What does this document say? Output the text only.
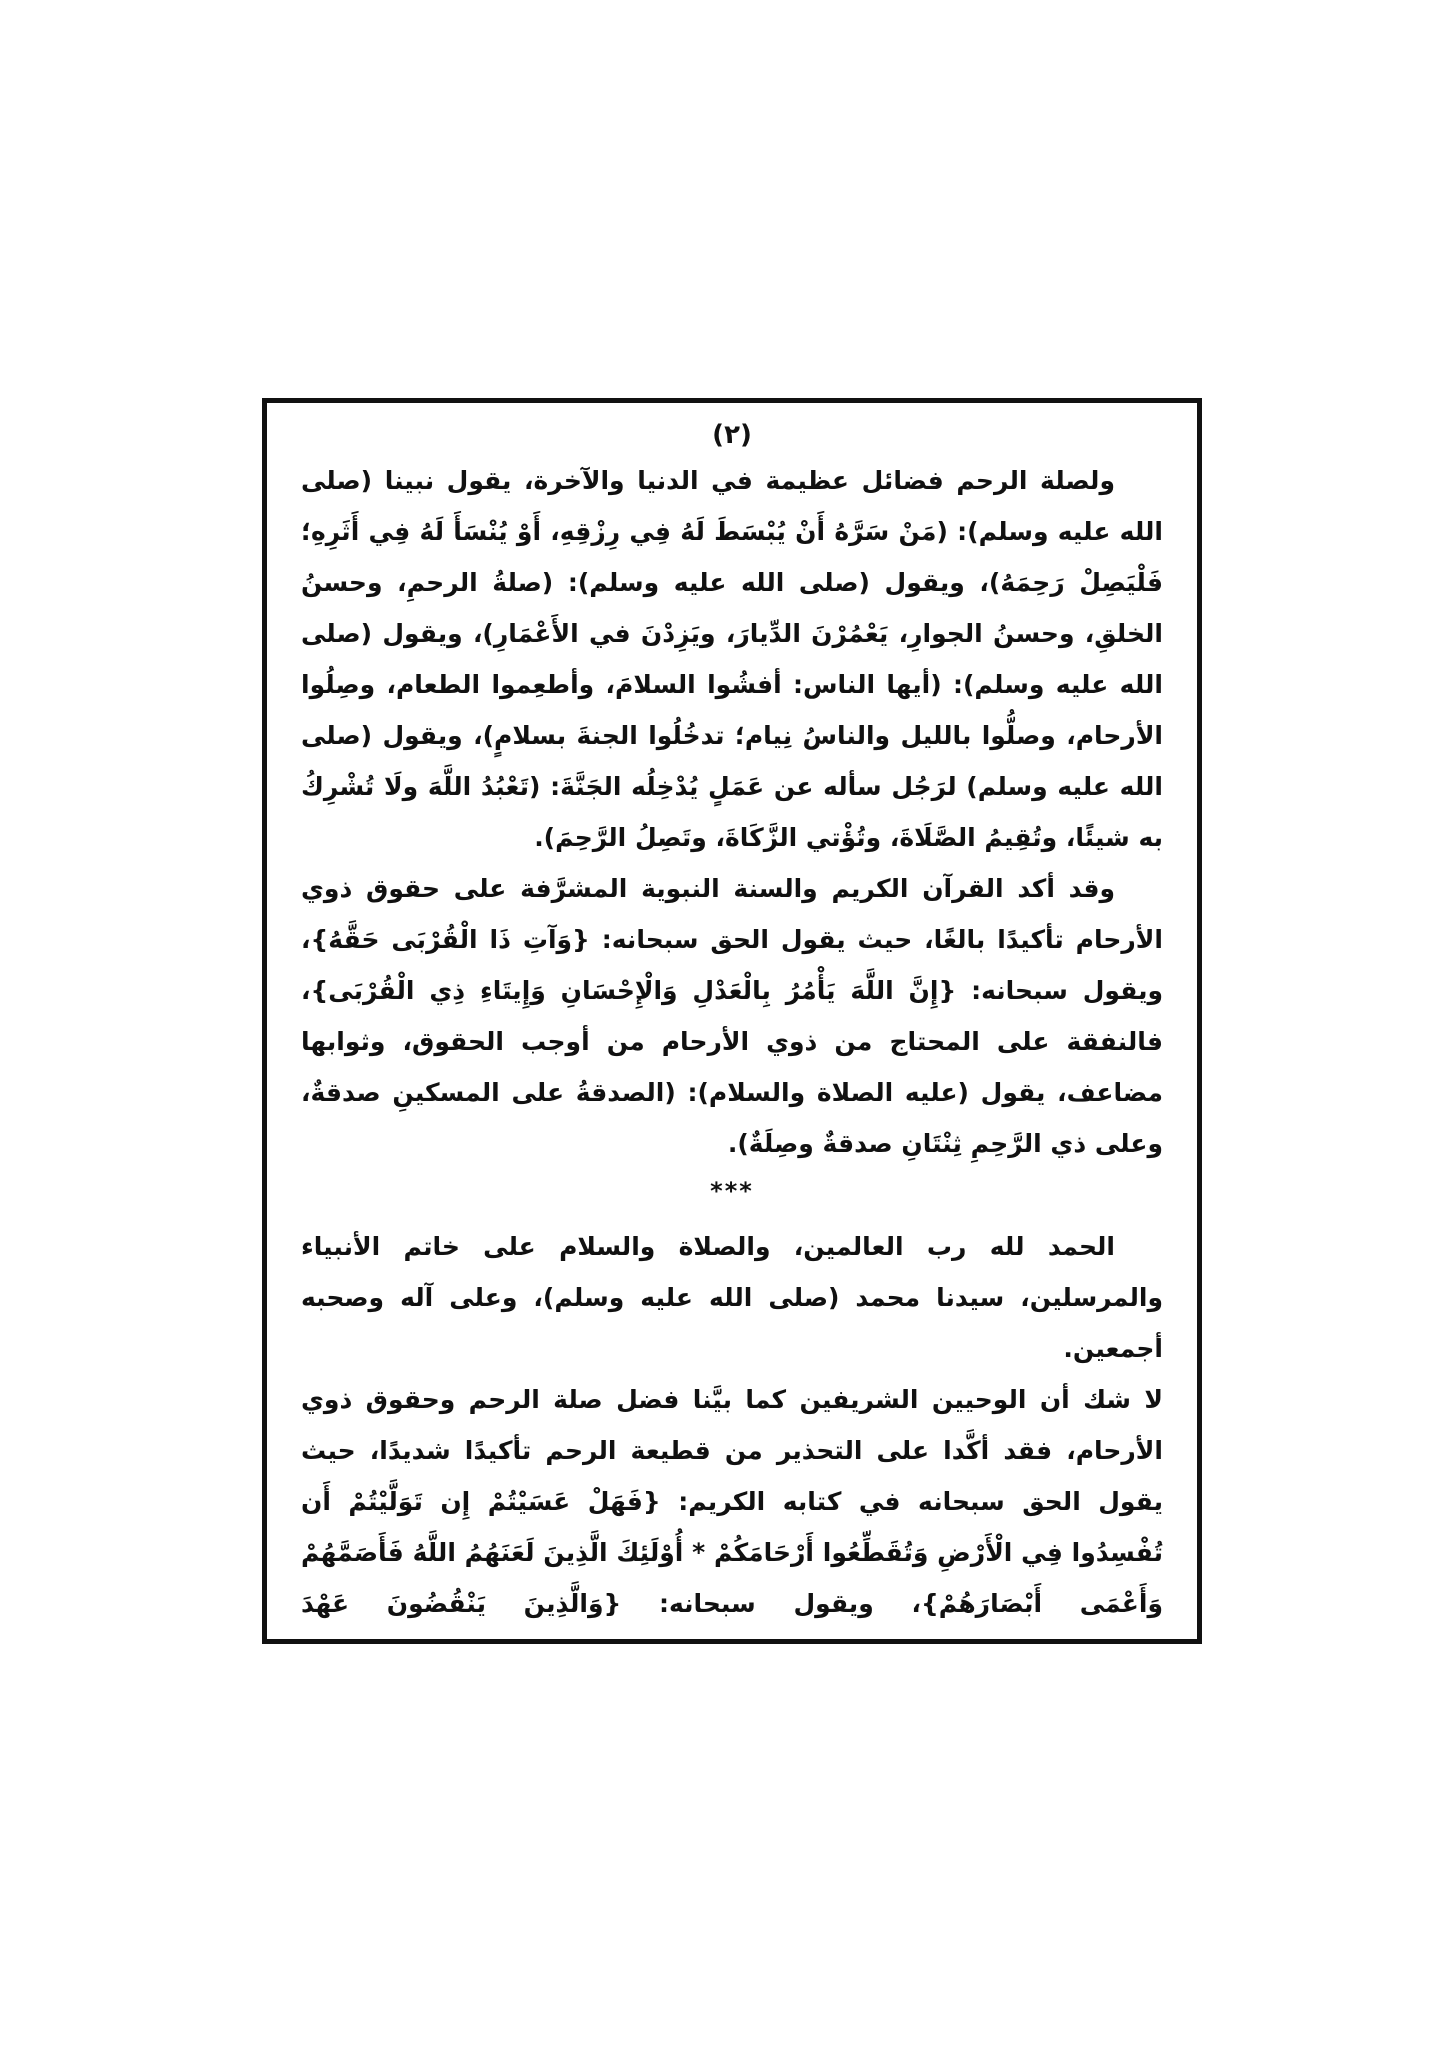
(٢)

ولصلة الرحم فضائل عظيمة في الدنيا والآخرة، يقول نبينا (صلى الله عليه وسلم): (مَنْ سَرَّهُ أَنْ يُبْسَطَ لَهُ فِي رِزْقِهِ، أَوْ يُنْسَأَ لَهُ فِي أَثَرِهِ؛ فَلْيَصِلْ رَحِمَهُ)، ويقول (صلى الله عليه وسلم): (صلةُ الرحمِ، وحسنُ الخلقِ، وحسنُ الجوارِ، يَعْمُرْنَ الدِّيارَ، ويَزِدْنَ في الأَعْمَارِ)، ويقول (صلى الله عليه وسلم): (أيها الناس: أفشُوا السلامَ، وأطعِموا الطعام، وصِلُوا الأرحام، وصلُّوا بالليل والناسُ نِيام؛ تدخُلُوا الجنةَ بسلامٍ)، ويقول (صلى الله عليه وسلم) لرَجُل سأله عن عَمَلٍ يُدْخِلُه الجَنَّةَ: (تَعْبُدُ اللَّهَ ولَا تُشْرِكُ به شيئًا، وتُقِيمُ الصَّلَاةَ، وتُؤْتي الزَّكَاةَ، وتَصِلُ الرَّحِمَ).

وقد أكد القرآن الكريم والسنة النبوية المشرَّفة على حقوق ذوي الأرحام تأكيدًا بالغًا، حيث يقول الحق سبحانه: {وَآتِ ذَا الْقُرْبَى حَقَّهُ}، ويقول سبحانه: {إِنَّ اللَّهَ يَأْمُرُ بِالْعَدْلِ وَالْإِحْسَانِ وَإِيتَاءِ ذِي الْقُرْبَى}، فالنفقة على المحتاج من ذوي الأرحام من أوجب الحقوق، وثوابها مضاعف، يقول (عليه الصلاة والسلام): (الصدقةُ على المسكينِ صدقةٌ، وعلى ذي الرَّحِمِ ثِنْتَانِ صدقةٌ وصِلَةٌ).

***

الحمد لله رب العالمين، والصلاة والسلام على خاتم الأنبياء والمرسلين، سيدنا محمد (صلى الله عليه وسلم)، وعلى آله وصحبه أجمعين.

لا شك أن الوحيين الشريفين كما بيَّنا فضل صلة الرحم وحقوق ذوي الأرحام، فقد أكَّدا على التحذير من قطيعة الرحم تأكيدًا شديدًا، حيث يقول الحق سبحانه في كتابه الكريم: {فَهَلْ عَسَيْتُمْ إِن تَوَلَّيْتُمْ أَن تُفْسِدُوا فِي الْأَرْضِ وَتُقَطِّعُوا أَرْحَامَكُمْ * أُوْلَئِكَ الَّذِينَ لَعَنَهُمُ اللَّهُ فَأَصَمَّهُمْ وَأَعْمَى أَبْصَارَهُمْ}، ويقول سبحانه: {وَالَّذِينَ يَنْقُضُونَ عَهْدَ
